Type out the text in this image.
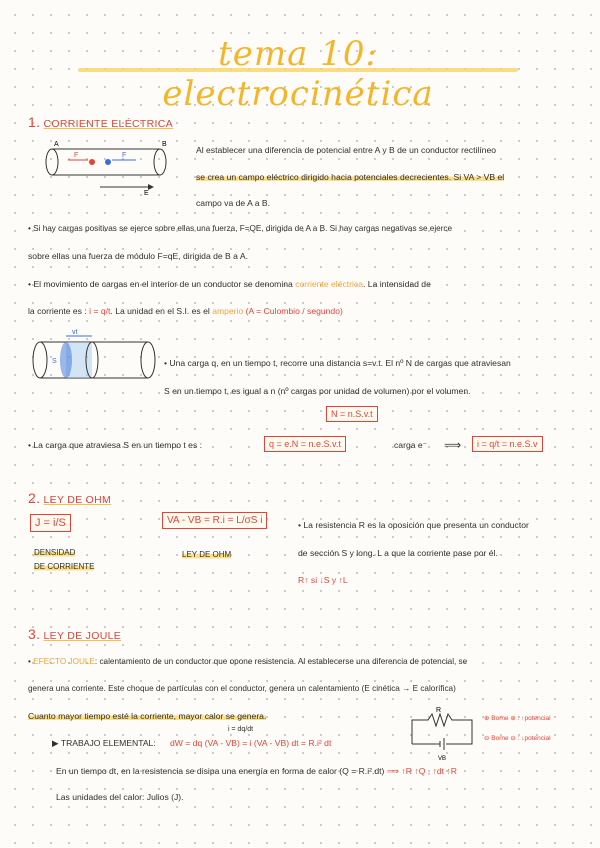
tema 10: electrocinética
1. CORRIENTE ELÉCTRICA
A	B
F	F
E
Al establecer una diferencia de potencial entre A y B de un conductor rectilíneo
se crea un campo eléctrico dirigido hacia potenciales decrecientes. Si VA > VB el
campo va de A a B.
• Si hay cargas positivas se ejerce sobre ellas una fuerza, F=QE, dirigida de A a B. Si hay cargas negativas se ejerce
sobre ellas una fuerza de módulo F=qE, dirigida de B a A.
• El movimiento de cargas en el interior de un conductor se denomina corriente eléctrica. La intensidad de
la corriente es : i = q/t. La unidad en el S.I. es el amperio (A = Culombio / segundo)
vt
S	• Una carga q, en un tiempo t, recorre una distancia s=v.t. El nº N de cargas que atraviesan
S en un tiempo t, es igual a n (nº cargas por unidad de volumen) por el volumen.
N = n.S.v.t
• La carga que atraviesa S en un tiempo t es :	q = e.N = n.e.S.v.t	carga e⁻ ⟹	i = q/t = n.e.S.v
2. LEY DE OHM
J = i/S
DENSIDAD
DE CORRIENTE
VA - VB = R.i = L/σS i
LEY DE OHM
• La resistencia R es la oposición que presenta un conductor
de sección S y long. L a que la corriente pase por él.
R↑ si ↓S y ↑L
3. LEY DE JOULE
• EFECTO JOULE: calentamiento de un conductor que opone resistencia. Al establecerse una diferencia de potencial, se
genera una corriente. Este choque de partículas con el conductor, genera un calentamiento (E cinética → E calorífica)
Cuanto mayor tiempo esté la corriente, mayor calor se genera.
▶ TRABAJO ELEMENTAL:
i = dq/dt
dW = dq (VA - VB) = i (VA - VB) dt = R.i² dt
R
VB
⊕ Borne ⊕ : ↑potencial
⊖ Borne ⊖ : ↓potencial
En un tiempo dt, en la resistencia se disipa una energía en forma de calor (Q = R.i².dt) ⟹ ↑R ↑Q , ↑dt ↑R
Las unidades del calor: Julios (J).
